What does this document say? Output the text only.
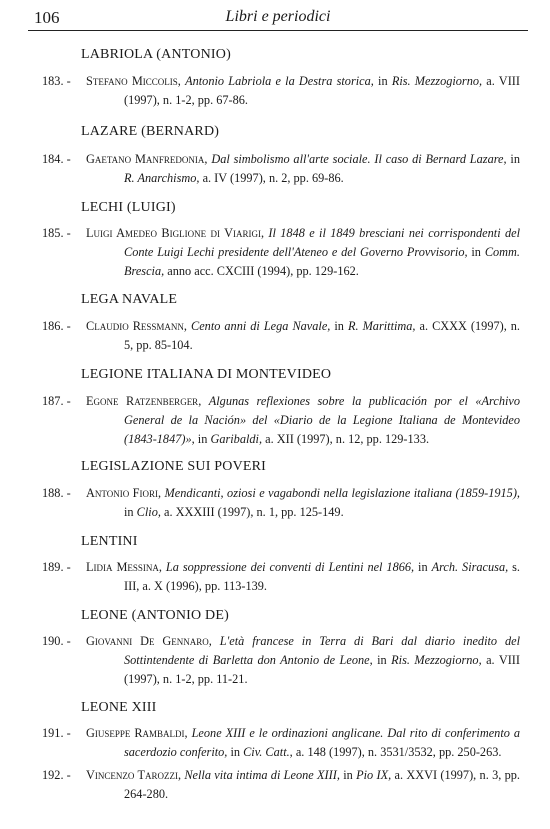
106	Libri e periodici
LABRIOLA (ANTONIO)
183. - Stefano Miccolis, Antonio Labriola e la Destra storica, in Ris. Mezzogiorno, a. VIII (1997), n. 1-2, pp. 67-86.
LAZARE (BERNARD)
184. - Gaetano Manfredonia, Dal simbolismo all'arte sociale. Il caso di Bernard Lazare, in R. Anarchismo, a. IV (1997), n. 2, pp. 69-86.
LECHI (LUIGI)
185. - Luigi Amedeo Biglione di Viarigi, Il 1848 e il 1849 bresciani nei corrispondenti del Conte Luigi Lechi presidente dell'Ateneo e del Governo Provvisorio, in Comm. Brescia, anno acc. CXCIII (1994), pp. 129-162.
LEGA NAVALE
186. - Claudio Ressmann, Cento anni di Lega Navale, in R. Marittima, a. CXXX (1997), n. 5, pp. 85-104.
LEGIONE ITALIANA DI MONTEVIDEO
187. - Egone Ratzenberger, Algunas reflexiones sobre la publicación por el «Archivo General de la Nación» del «Diario de la Legione Italiana de Montevideo (1843-1847)», in Garibaldi, a. XII (1997), n. 12, pp. 129-133.
LEGISLAZIONE SUI POVERI
188. - Antonio Fiori, Mendicanti, oziosi e vagabondi nella legislazione italiana (1859-1915), in Clio, a. XXXIII (1997), n. 1, pp. 125-149.
LENTINI
189. - Lidia Messina, La soppressione dei conventi di Lentini nel 1866, in Arch. Siracusa, s. III, a. X (1996), pp. 113-139.
LEONE (ANTONIO DE)
190. - Giovanni De Gennaro, L'età francese in Terra di Bari dal diario inedito del Sottintendente di Barletta don Antonio de Leone, in Ris. Mezzogiorno, a. VIII (1997), n. 1-2, pp. 11-21.
LEONE XIII
191. - Giuseppe Rambaldi, Leone XIII e le ordinazioni anglicane. Dal rito di conferimento a sacerdozio conferito, in Civ. Catt., a. 148 (1997), n. 3531/3532, pp. 250-263.
192. - Vincenzo Tarozzi, Nella vita intima di Leone XIII, in Pio IX, a. XXVI (1997), n. 3, pp. 264-280.
